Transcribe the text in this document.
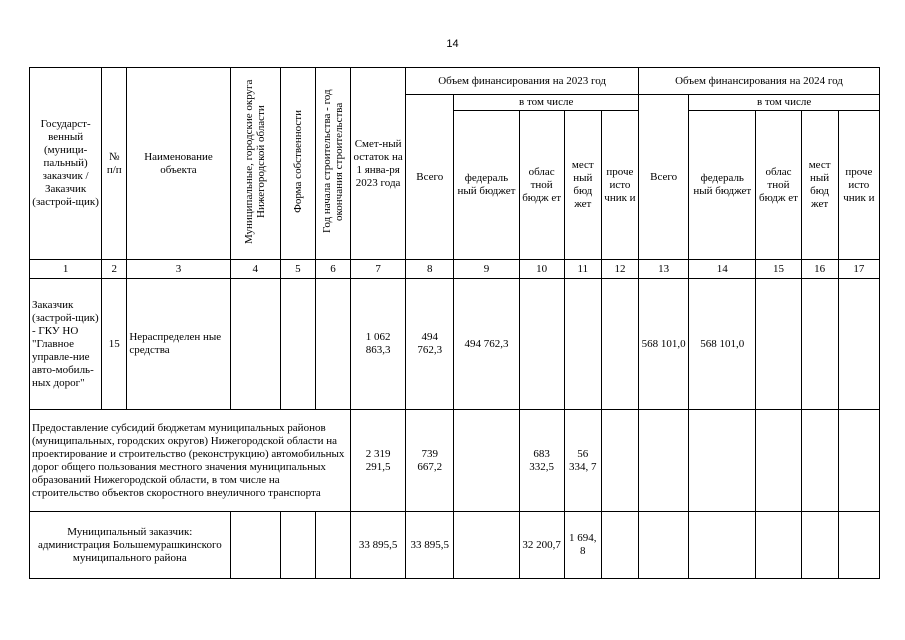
14
Государст-венный (муници-пальный) заказчик / Заказчик (застрой-щик)	№ п/п	Наименование объекта	Муниципальные, городские округа Нижегородской области	Форма собственности	Год начала строительства - год окончания строительства	Смет-ный остаток на 1 янва-ря 2023 года	Объем финансирования на 2023 год					Объем финансирования на 2024 год				
							Всего	в том числе				Всего	в том числе			
								федераль ный бюджет	облас тной бюдж ет	мест ный бюд жет	проче исто чник и		федераль ный бюджет	облас тной бюдж ет	мест ный бюд жет	проче исто чник и
1	2	3	4	5	6	7	8	9	10	11	12	13	14	15	16	17
Заказчик (застрой-щик) - ГКУ НО "Главное управле-ние авто-мобиль-ных дорог"	15	Нераспределен ные средства				1 062 863,3	494 762,3	494 762,3				568 101,0	568 101,0			
Предоставление субсидий бюджетам муниципальных районов (муниципальных, городских округов) Нижегородской области на проектирование и строительство (реконструкцию) автомобильных дорог общего пользования местного значения муниципальных образований Нижегородской области, в том числе на строительство объектов скоростного внеуличного транспорта						2 319 291,5	739 667,2		683 332,5	56 334, 7						
Муниципальный заказчик: администрация Большемурашкинского муниципального района						33 895,5	33 895,5		32 200,7	1 694, 8						
